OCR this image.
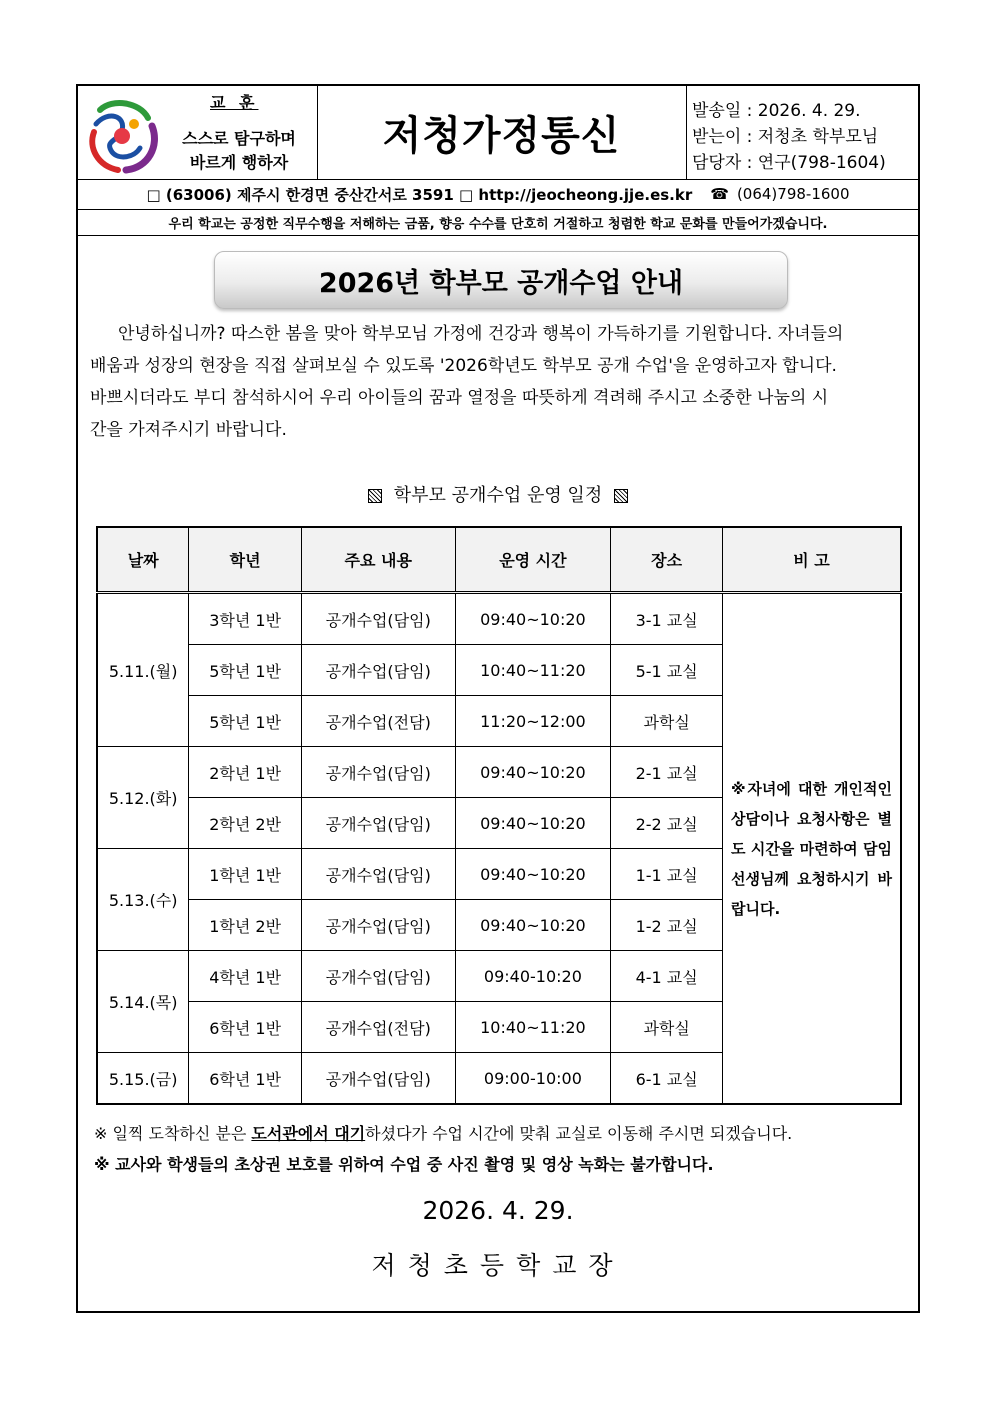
교 훈
스스로 탐구하며
바르게 행하자
저청가정통신
발송일 : 2026. 4. 29.
받는이 : 저청초 학부모님
담당자 : 연구(798-1604)
□ (63006) 제주시 한경면 중산간서로 3591 □ http://jeocheong.jje.es.kr ☎ (064)798-1600
우리 학교는 공정한 직무수행을 저해하는 금품, 향응 수수를 단호히 거절하고 청렴한 학교 문화를 만들어가겠습니다.
2026년 학부모 공개수업 안내
안녕하십니까? 따스한 봄을 맞아 학부모님 가정에 건강과 행복이 가득하기를 기원합니다. 자녀들의
배움과 성장의 현장을 직접 살펴보실 수 있도록 '2026학년도 학부모 공개 수업'을 운영하고자 합니다.
바쁘시더라도 부디 참석하시어 우리 아이들의 꿈과 열정을 따뜻하게 격려해 주시고 소중한 나눔의 시
간을 가져주시기 바랍니다.
학부모 공개수업 운영 일정
날짜	학년	주요 내용	운영 시간	장소	비 고
5.11.(월)	3학년 1반	공개수업(담임)	09:40~10:20	3-1 교실	※자녀에 대한 개인적인 상담이나 요청사항은 별도 시간을 마련하여 담임선생님께 요청하시기 바랍니다.
	5학년 1반	공개수업(담임)	10:40~11:20	5-1 교실	
	5학년 1반	공개수업(전담)	11:20~12:00	과학실	
5.12.(화)	2학년 1반	공개수업(담임)	09:40~10:20	2-1 교실	
	2학년 2반	공개수업(담임)	09:40~10:20	2-2 교실	
5.13.(수)	1학년 1반	공개수업(담임)	09:40~10:20	1-1 교실	
	1학년 2반	공개수업(담임)	09:40~10:20	1-2 교실	
5.14.(목)	4학년 1반	공개수업(담임)	09:40-10:20	4-1 교실	
	6학년 1반	공개수업(전담)	10:40~11:20	과학실	
5.15.(금)	6학년 1반	공개수업(담임)	09:00-10:00	6-1 교실	
※ 일찍 도착하신 분은 도서관에서 대기하셨다가 수업 시간에 맞춰 교실로 이동해 주시면 되겠습니다.
※ 교사와 학생들의 초상권 보호를 위하여 수업 중 사진 촬영 및 영상 녹화는 불가합니다.
2026. 4. 29.
저청초등학교장
